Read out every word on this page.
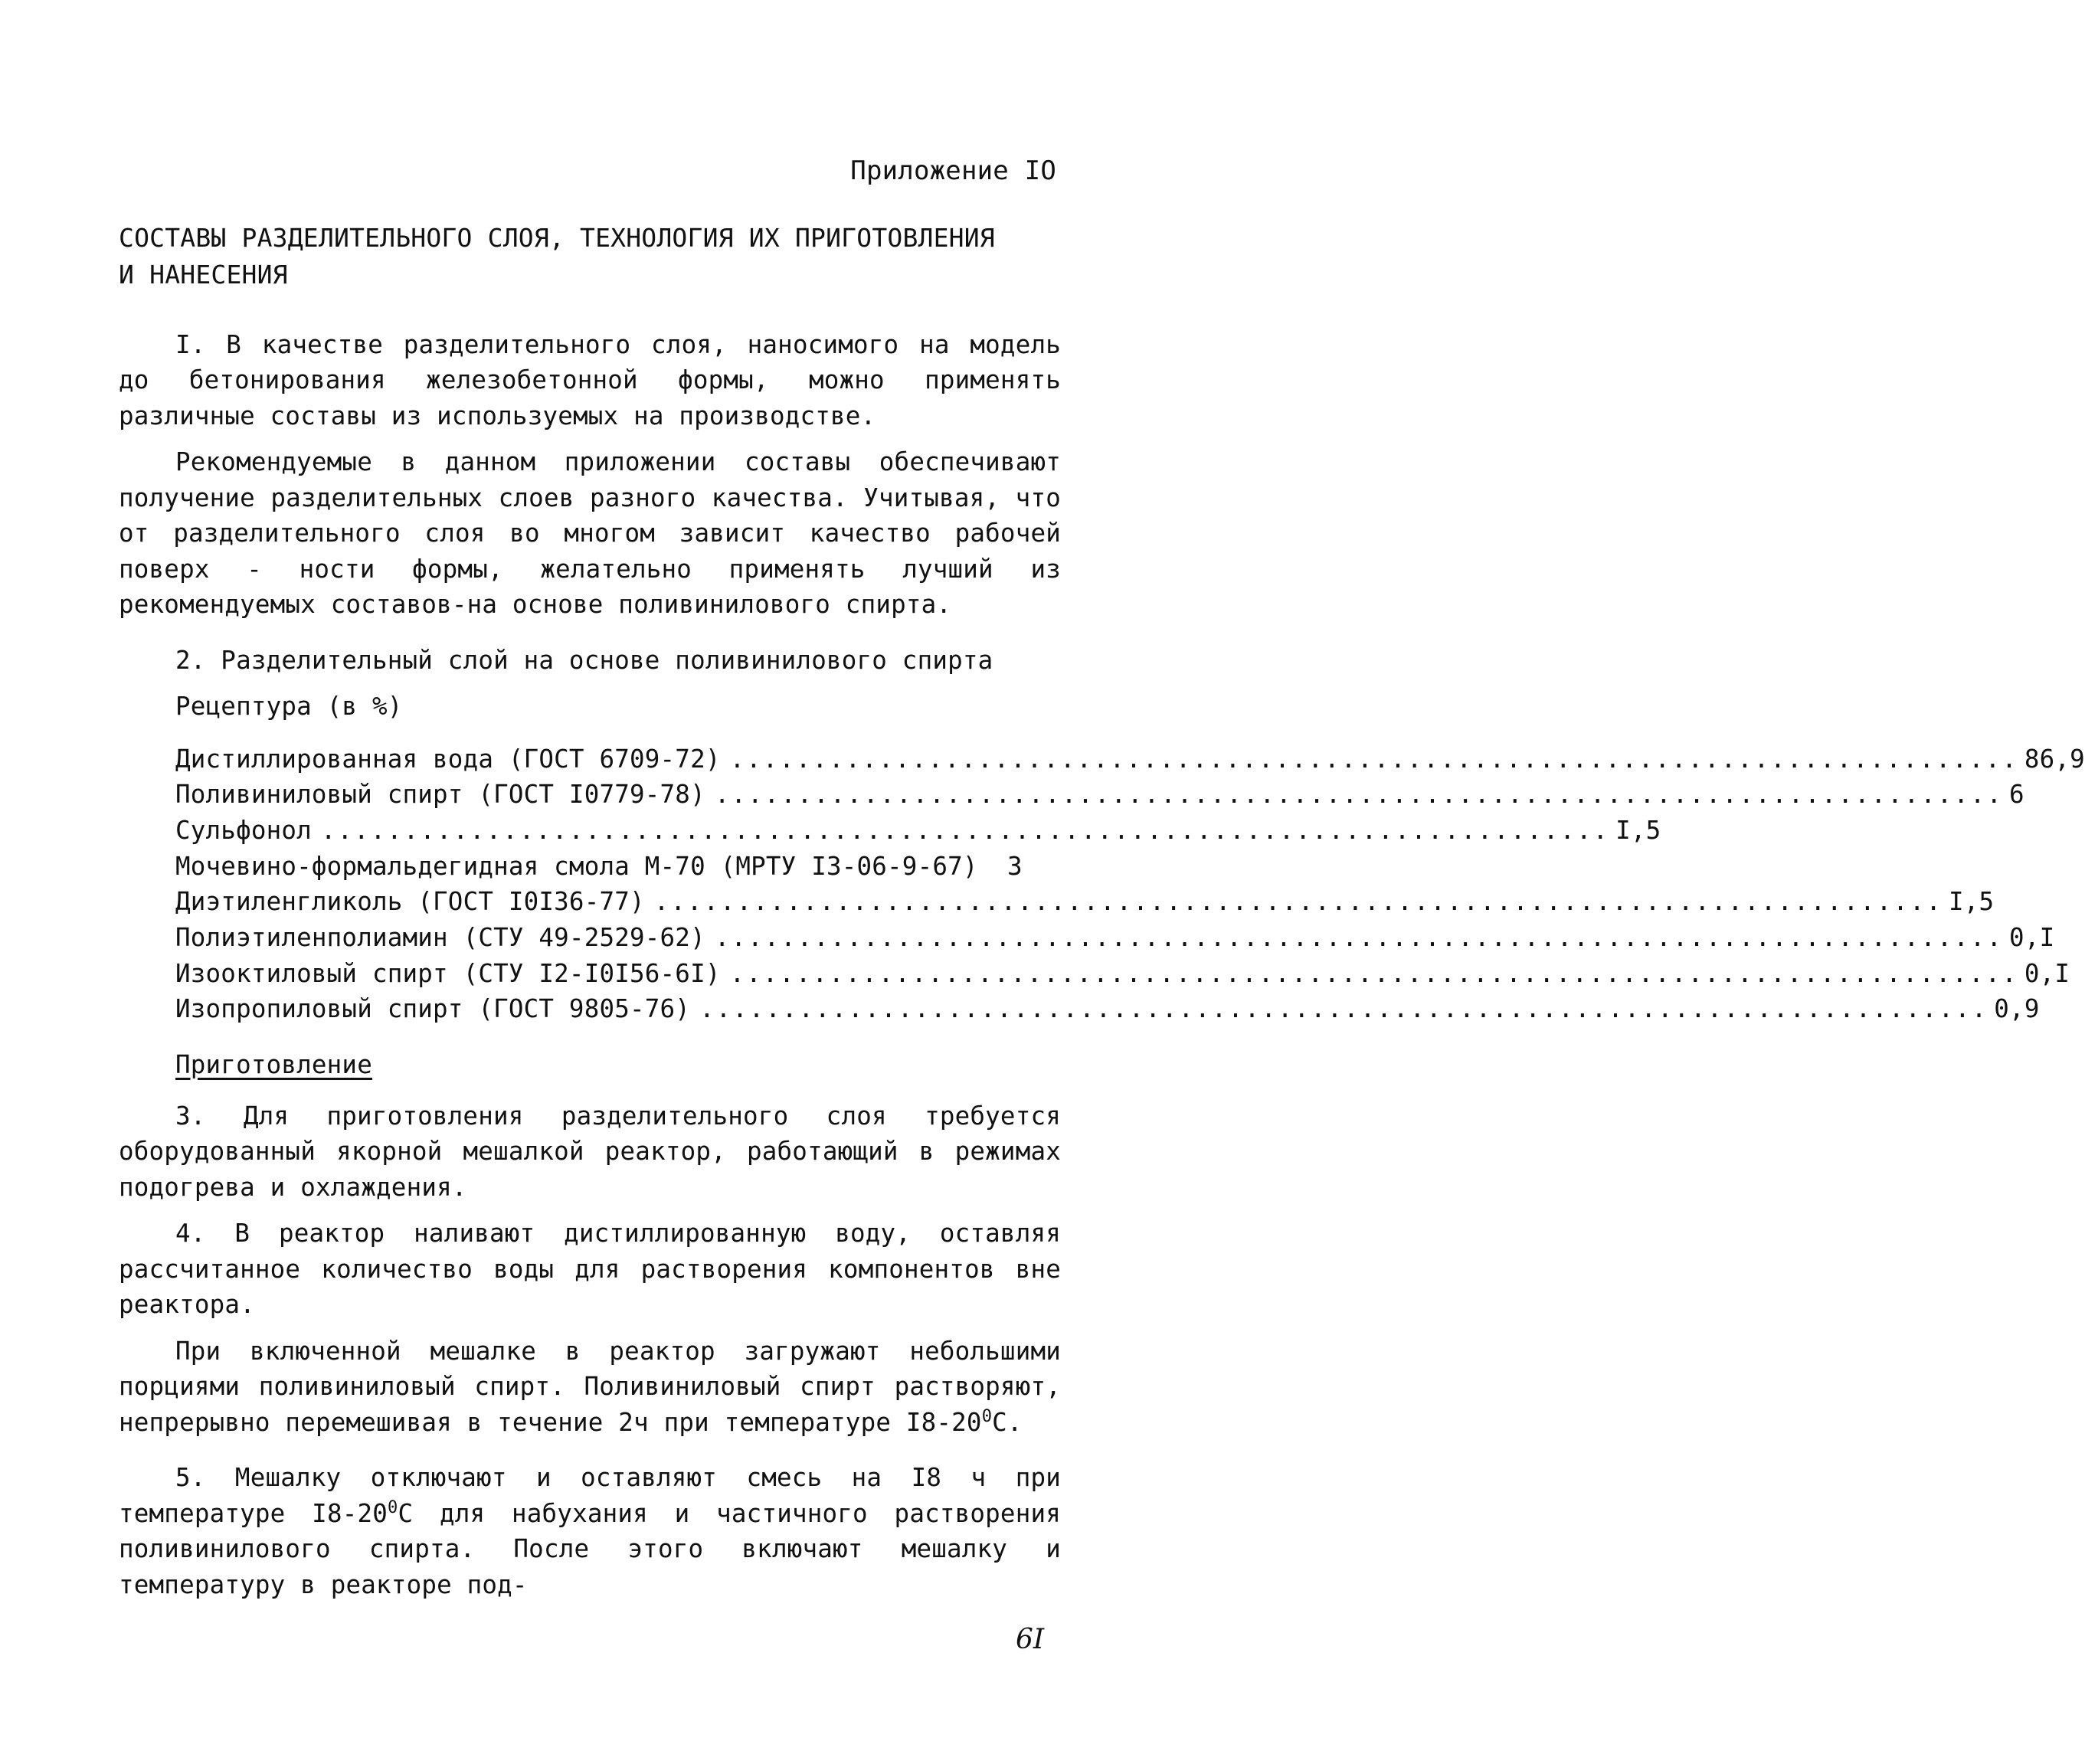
Приложение IО
СОСТАВЫ РАЗДЕЛИТЕЛЬНОГО СЛОЯ, ТЕХНОЛОГИЯ ИХ ПРИГОТОВЛЕНИЯ
И НАНЕСЕНИЯ

I. В качестве разделительного слоя, наносимого на модель до бетонирования железобетонной формы, можно применять различные составы из используемых на производстве.

Рекомендуемые в данном приложении составы обеспечивают получение разделительных слоев разного качества. Учитывая, что от разделительного слоя во многом зависит качество рабочей поверх - ности формы, желательно применять лучший из рекомендуемых составов-на основе поливинилового спирта.

2. Разделительный слой на основе поливинилового спирта

Рецептура (в %)
Дистиллированная вода (ГОСТ 6709-72) .............................................................................. 86,9
Поливиниловый спирт (ГОСТ I0779-78) .............................................................................. 6
Сульфонол .............................................................................. I,5
Мочевино-формальдегидная смола М-70 (МРТУ I3-06-9-67) 3
Диэтиленгликоль (ГОСТ I0I36-77) .............................................................................. I,5
Полиэтиленполиамин (СТУ 49-2529-62) .............................................................................. 0,I
Изооктиловый спирт (СТУ I2-I0I56-6I) .............................................................................. 0,I
Изопропиловый спирт (ГОСТ 9805-76) .............................................................................. 0,9
Приготовление

3. Для приготовления разделительного слоя требуется оборудованный якорной мешалкой реактор, работающий в режимах подогрева и охлаждения.

4. В реактор наливают дистиллированную воду, оставляя рассчитанное количество воды для растворения компонентов вне реактора.

При включенной мешалке в реактор загружают небольшими порциями поливиниловый спирт. Поливиниловый спирт растворяют, непрерывно перемешивая в течение 2ч при температуре $I8-20^0С$.

5. Мешалку отключают и оставляют смесь на I8 ч при температуре $I8-20^0С$ для набухания и частичного растворения поливинилового спирта. После этого включают мешалку и температуру в реакторе под-

6I
